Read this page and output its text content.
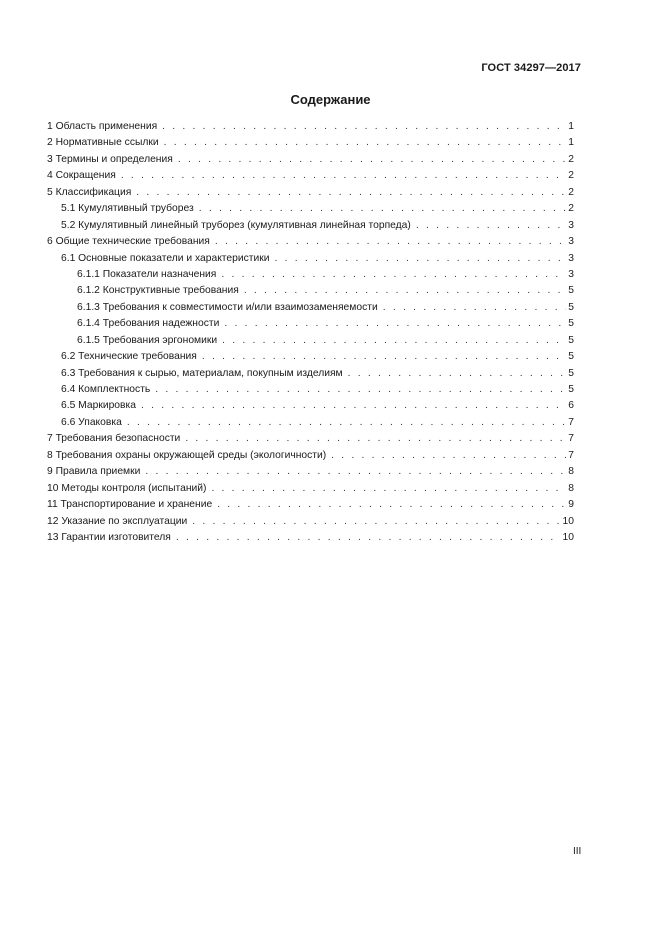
ГОСТ 34297—2017
Содержание
1 Область применения . . .	1
2 Нормативные ссылки . . .	1
3 Термины и определения . . .	2
4 Сокращения . . .	2
5 Классификация . . .	2
5.1 Кумулятивный труборез . . .	2
5.2 Кумулятивный линейный труборез (кумулятивная линейная торпеда) . . .	3
6 Общие технические требования . . .	3
6.1 Основные показатели и характеристики . . .	3
6.1.1 Показатели назначения . . .	3
6.1.2 Конструктивные требования . . .	5
6.1.3 Требования к совместимости и/или взаимозаменяемости . . .	5
6.1.4 Требования надежности . . .	5
6.1.5 Требования эргономики . . .	5
6.2 Технические требования . . .	5
6.3 Требования к сырью, материалам, покупным изделиям . . .	5
6.4 Комплектность . . .	5
6.5 Маркировка . . .	6
6.6 Упаковка . . .	7
7 Требования безопасности . . .	7
8 Требования охраны окружающей среды (экологичности) . . .	7
9 Правила приемки . . .	8
10 Методы контроля (испытаний) . . .	8
11 Транспортирование и хранение . . .	9
12 Указание по эксплуатации . . .	10
13 Гарантии изготовителя . . .	10
III
